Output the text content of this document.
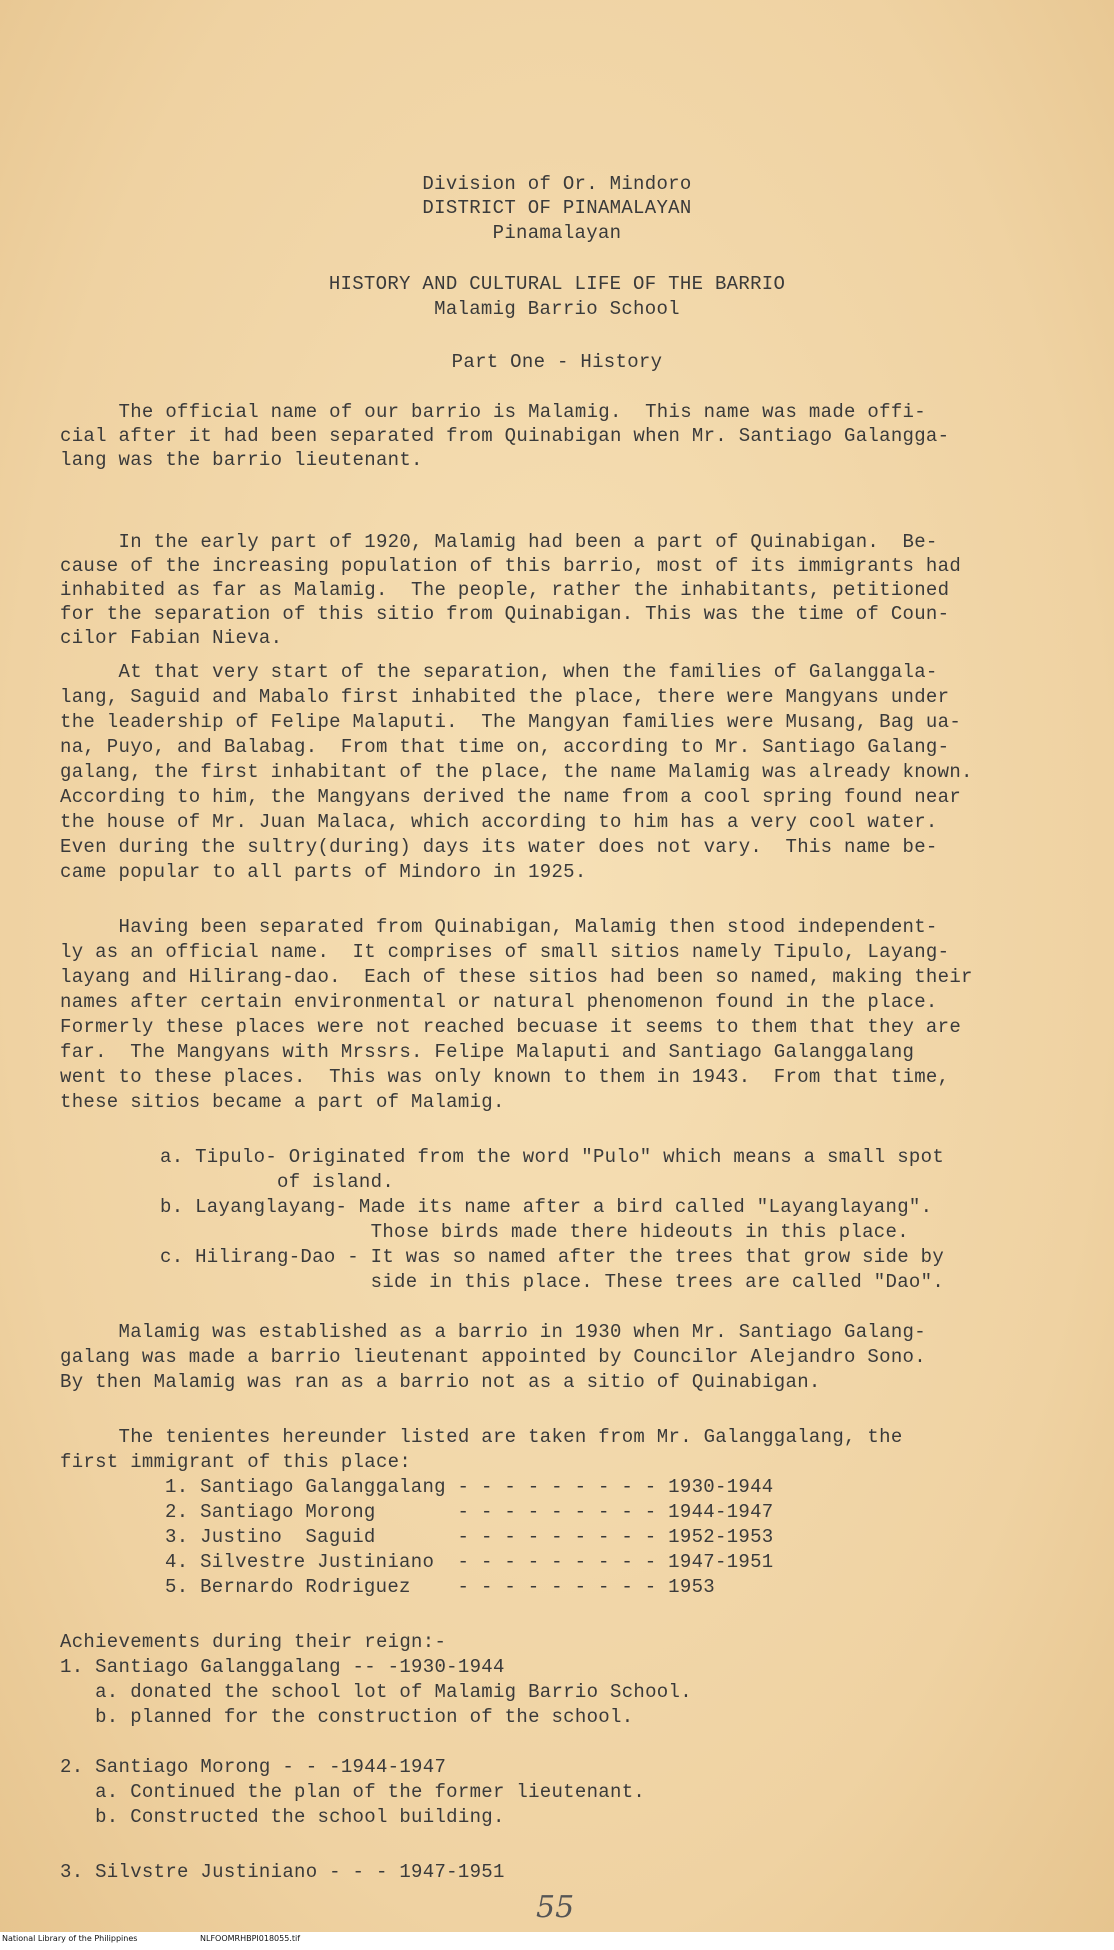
Division of Or. Mindoro
DISTRICT OF PINAMALAYAN
Pinamalayan
HISTORY AND CULTURAL LIFE OF THE BARRIO
Malamig Barrio School
Part One - History
The official name of our barrio is Malamig.  This name was made offi-
cial after it had been separated from Quinabigan when Mr. Santiago Galangga-
lang was the barrio lieutenant.
In the early part of 1920, Malamig had been a part of Quinabigan.  Be-
cause of the increasing population of this barrio, most of its immigrants had
inhabited as far as Malamig.  The people, rather the inhabitants, petitioned
for the separation of this sitio from Quinabigan. This was the time of Coun-
cilor Fabian Nieva.
At that very start of the separation, when the families of Galanggala-
lang, Saguid and Mabalo first inhabited the place, there were Mangyans under
the leadership of Felipe Malaputi.  The Mangyan families were Musang, Bag ua-
na, Puyo, and Balabag.  From that time on, according to Mr. Santiago Galang-
galang, the first inhabitant of the place, the name Malamig was already known.
According to him, the Mangyans derived the name from a cool spring found near
the house of Mr. Juan Malaca, which according to him has a very cool water.
Even during the sultry(during) days its water does not vary.  This name be-
came popular to all parts of Mindoro in 1925.
Having been separated from Quinabigan, Malamig then stood independent-
ly as an official name.  It comprises of small sitios namely Tipulo, Layang-
layang and Hilirang-dao.  Each of these sitios had been so named, making their
names after certain environmental or natural phenomenon found in the place.
Formerly these places were not reached becuase it seems to them that they are
far.  The Mangyans with Mrssrs. Felipe Malaputi and Santiago Galanggalang
went to these places.  This was only known to them in 1943.  From that time,
these sitios became a part of Malamig.
a. Tipulo- Originated from the word "Pulo" which means a small spot
of island.
b. Layanglayang- Made its name after a bird called "Layanglayang".
Those birds made there hideouts in this place.
c. Hilirang-Dao - It was so named after the trees that grow side by
side in this place. These trees are called "Dao".
Malamig was established as a barrio in 1930 when Mr. Santiago Galang-
galang was made a barrio lieutenant appointed by Councilor Alejandro Sono.
By then Malamig was ran as a barrio not as a sitio of Quinabigan.
The tenientes hereunder listed are taken from Mr. Galanggalang, the
first immigrant of this place:
1. Santiago Galanggalang - - - - - - - - - 1930-1944
2. Santiago Morong       - - - - - - - - - 1944-1947
3. Justino  Saguid       - - - - - - - - - 1952-1953
4. Silvestre Justiniano  - - - - - - - - - 1947-1951
5. Bernardo Rodriguez    - - - - - - - - - 1953
Achievements during their reign:-
1. Santiago Galanggalang -- -1930-1944
a. donated the school lot of Malamig Barrio School.
b. planned for the construction of the school.
2. Santiago Morong - - -1944-1947
a. Continued the plan of the former lieutenant.
b. Constructed the school building.
3. Silvstre Justiniano - - - 1947-1951
55
National Library of the Philippines	NLFOOMRHBPI018055.tif
